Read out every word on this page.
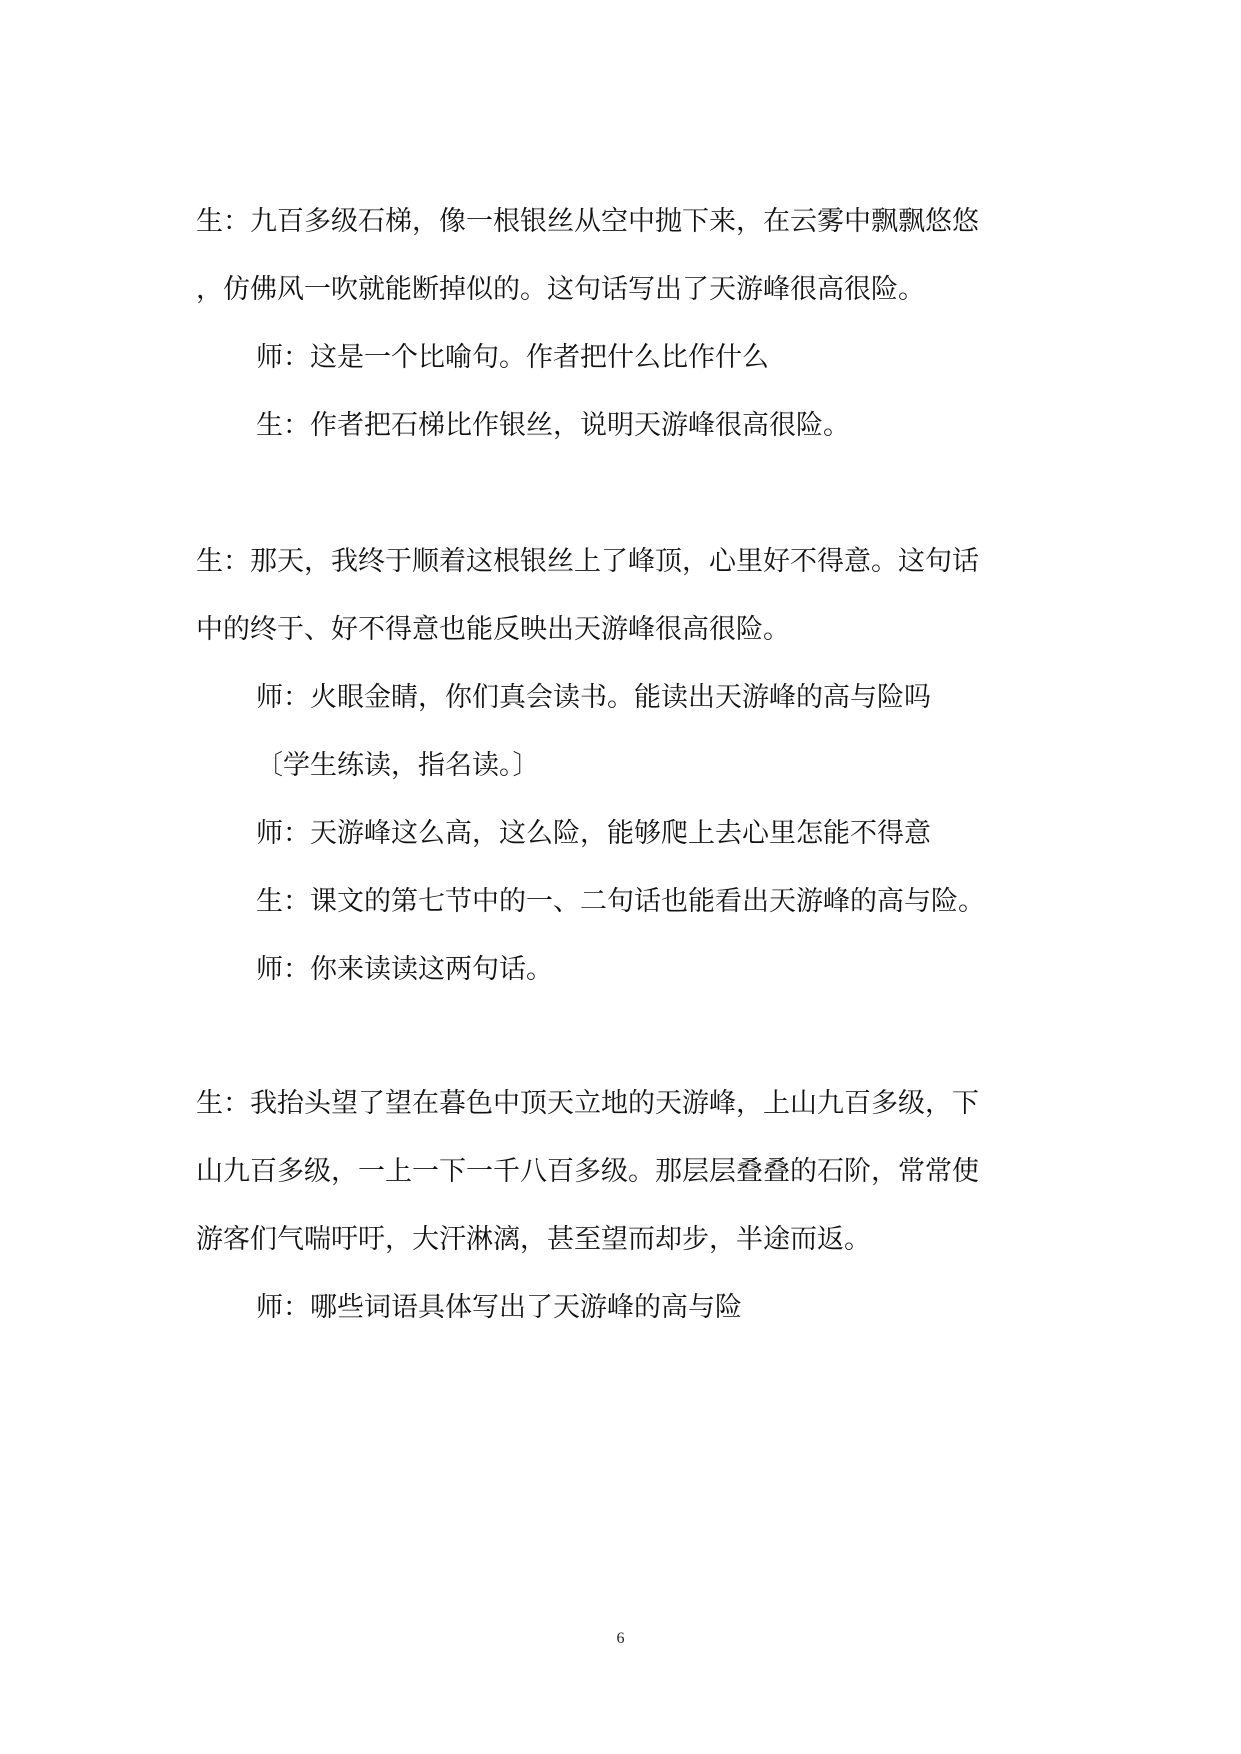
生：九百多级石梯，像一根银丝从空中抛下来，在云雾中飘飘悠悠
，仿佛风一吹就能断掉似的。这句话写出了天游峰很高很险。
师：这是一个比喻句。作者把什么比作什么
生：作者把石梯比作银丝，说明天游峰很高很险。
生：那天，我终于顺着这根银丝上了峰顶，心里好不得意。这句话
中的终于、好不得意也能反映出天游峰很高很险。
师：火眼金睛，你们真会读书。能读出天游峰的高与险吗
〔学生练读，指名读。〕
师：天游峰这么高，这么险，能够爬上去心里怎能不得意
生：课文的第七节中的一、二句话也能看出天游峰的高与险。
师：你来读读这两句话。
生：我抬头望了望在暮色中顶天立地的天游峰，上山九百多级，下
山九百多级，一上一下一千八百多级。那层层叠叠的石阶，常常使
游客们气喘吁吁，大汗淋漓，甚至望而却步，半途而返。
师：哪些词语具体写出了天游峰的高与险
6
